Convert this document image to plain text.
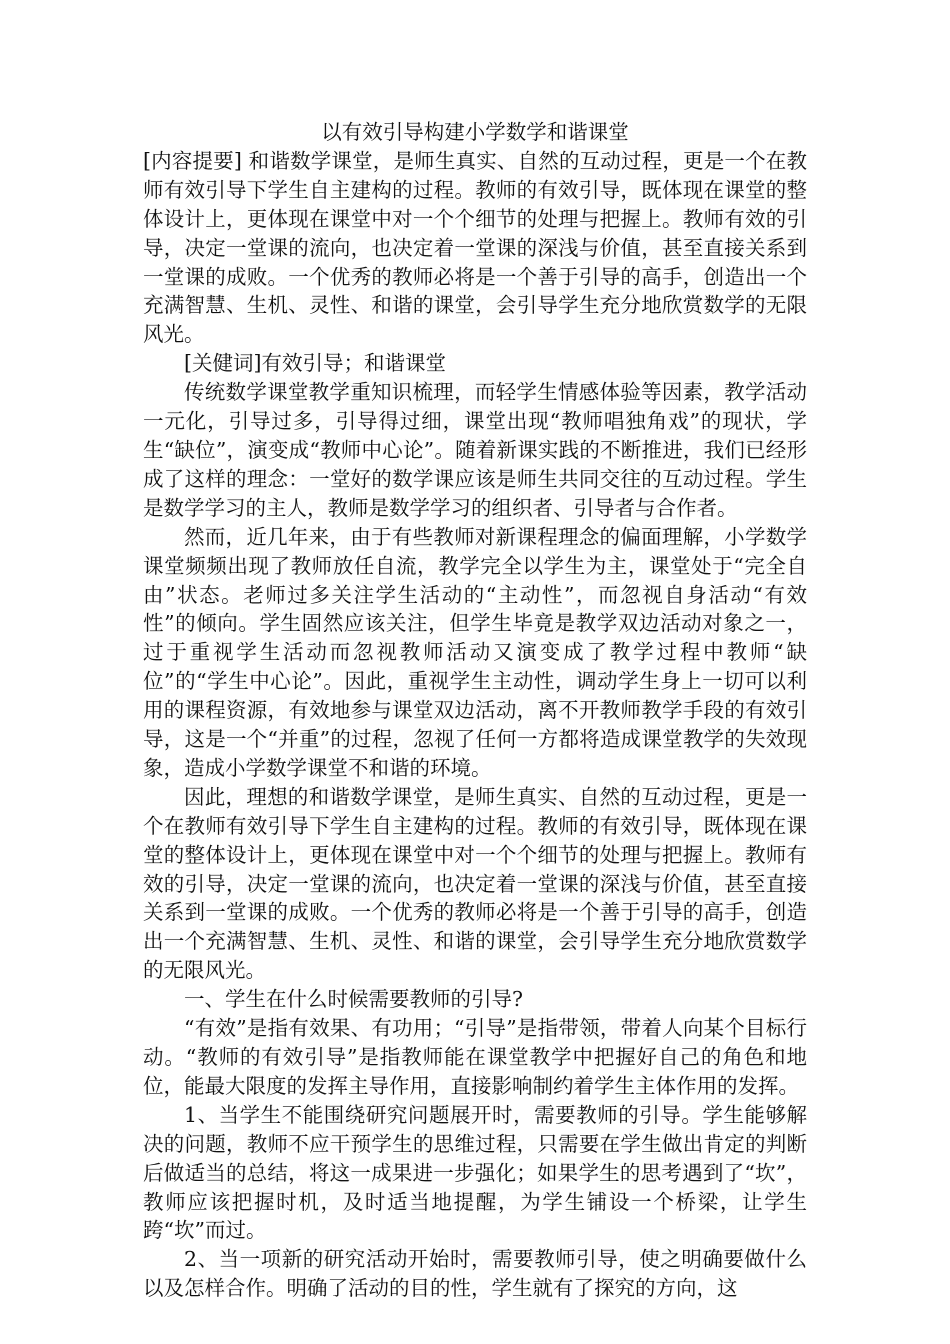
以有效引导构建小学数学和谐课堂

[内容提要] 和谐数学课堂，是师生真实、自然的互动过程，更是一个在教师有效引导下学生自主建构的过程。教师的有效引导，既体现在课堂的整体设计上，更体现在课堂中对一个个细节的处理与把握上。教师有效的引导，决定一堂课的流向，也决定着一堂课的深浅与价值，甚至直接关系到一堂课的成败。一个优秀的教师必将是一个善于引导的高手，创造出一个充满智慧、生机、灵性、和谐的课堂，会引导学生充分地欣赏数学的无限风光。

[关健词]有效引导；和谐课堂

传统数学课堂教学重知识梳理，而轻学生情感体验等因素，教学活动一元化，引导过多，引导得过细，课堂出现“教师唱独角戏”的现状，学生“缺位”，演变成“教师中心论”。随着新课实践的不断推进，我们已经形成了这样的理念：一堂好的数学课应该是师生共同交往的互动过程。学生是数学学习的主人，教师是数学学习的组织者、引导者与合作者。

然而，近几年来，由于有些教师对新课程理念的偏面理解，小学数学课堂频频出现了教师放任自流，教学完全以学生为主，课堂处于“完全自由”状态。老师过多关注学生活动的“主动性”，而忽视自身活动“有效性”的倾向。学生固然应该关注，但学生毕竟是教学双边活动对象之一，过于重视学生活动而忽视教师活动又演变成了教学过程中教师“缺位”的“学生中心论”。因此，重视学生主动性，调动学生身上一切可以利用的课程资源，有效地参与课堂双边活动，离不开教师教学手段的有效引导，这是一个“并重”的过程，忽视了任何一方都将造成课堂教学的失效现象，造成小学数学课堂不和谐的环境。

因此，理想的和谐数学课堂，是师生真实、自然的互动过程，更是一个在教师有效引导下学生自主建构的过程。教师的有效引导，既体现在课堂的整体设计上，更体现在课堂中对一个个细节的处理与把握上。教师有效的引导，决定一堂课的流向，也决定着一堂课的深浅与价值，甚至直接关系到一堂课的成败。一个优秀的教师必将是一个善于引导的高手，创造出一个充满智慧、生机、灵性、和谐的课堂，会引导学生充分地欣赏数学的无限风光。

一、学生在什么时候需要教师的引导?

“有效”是指有效果、有功用；“引导”是指带领，带着人向某个目标行动。“教师的有效引导”是指教师能在课堂教学中把握好自己的角色和地位，能最大限度的发挥主导作用，直接影响制约着学生主体作用的发挥。

1、当学生不能围绕研究问题展开时，需要教师的引导。学生能够解决的问题，教师不应干预学生的思维过程，只需要在学生做出肯定的判断后做适当的总结，将这一成果进一步强化；如果学生的思考遇到了“坎”，教师应该把握时机，及时适当地提醒，为学生铺设一个桥梁，让学生跨“坎”而过。

2、当一项新的研究活动开始时，需要教师引导，使之明确要做什么以及怎样合作。明确了活动的目的性，学生就有了探究的方向，这
